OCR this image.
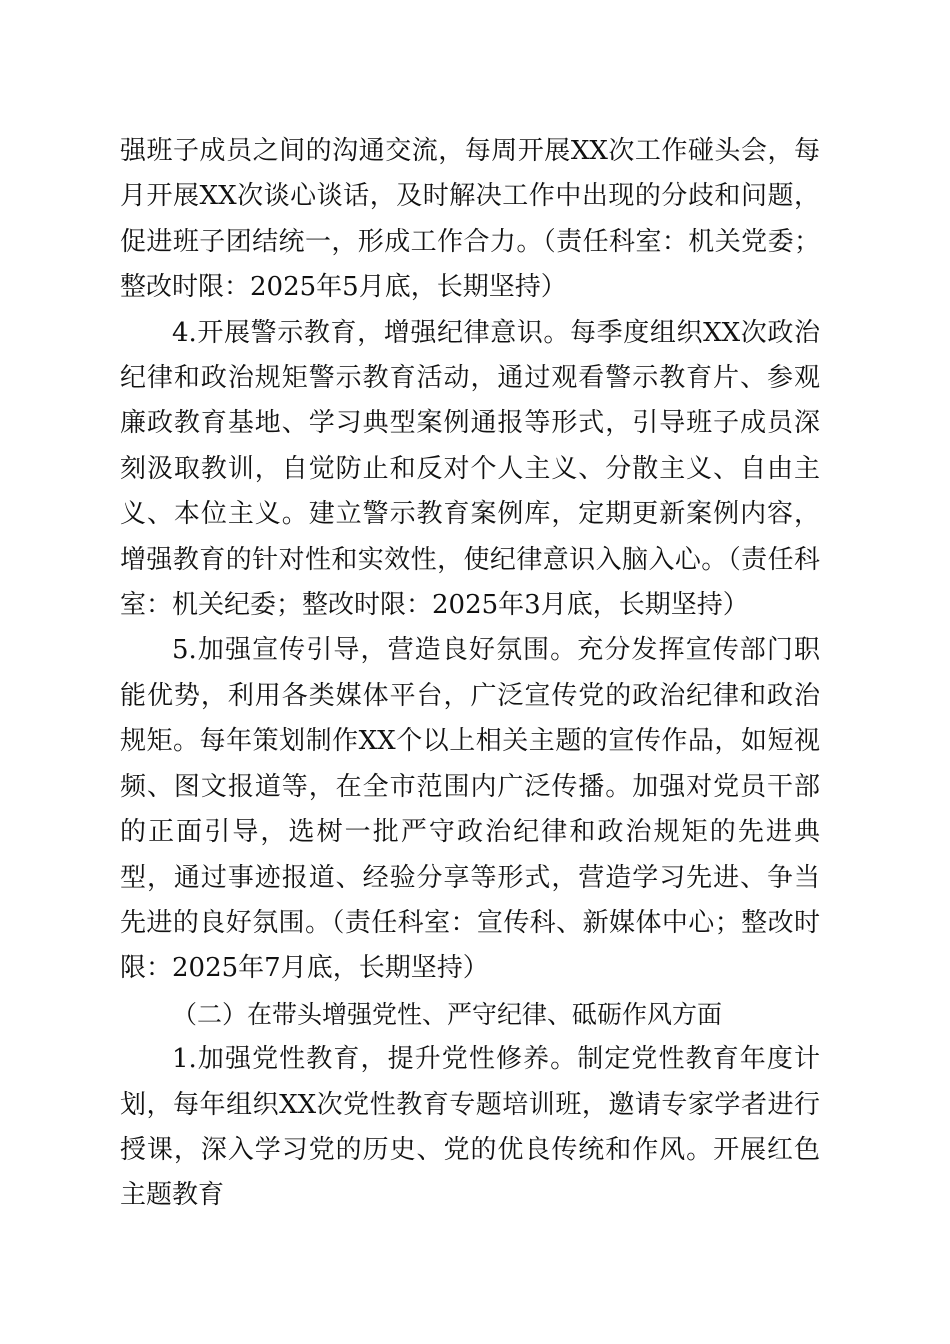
强班子成员之间的沟通交流，每周开展XX次工作碰头会，每月开展XX次谈心谈话，及时解决工作中出现的分歧和问题，促进班子团结统一，形成工作合力。（责任科室：机关党委；整改时限：2025年5月底，长期坚持）

4.开展警示教育，增强纪律意识。每季度组织XX次政治纪律和政治规矩警示教育活动，通过观看警示教育片、参观廉政教育基地、学习典型案例通报等形式，引导班子成员深刻汲取教训，自觉防止和反对个人主义、分散主义、自由主义、本位主义。建立警示教育案例库，定期更新案例内容，增强教育的针对性和实效性，使纪律意识入脑入心。（责任科室：机关纪委；整改时限：2025年3月底，长期坚持）

5.加强宣传引导，营造良好氛围。充分发挥宣传部门职能优势，利用各类媒体平台，广泛宣传党的政治纪律和政治规矩。每年策划制作XX个以上相关主题的宣传作品，如短视频、图文报道等，在全市范围内广泛传播。加强对党员干部的正面引导，选树一批严守政治纪律和政治规矩的先进典型，通过事迹报道、经验分享等形式，营造学习先进、争当先进的良好氛围。（责任科室：宣传科、新媒体中心；整改时限：2025年7月底，长期坚持）

（二）在带头增强党性、严守纪律、砥砺作风方面

1.加强党性教育，提升党性修养。制定党性教育年度计划，每年组织XX次党性教育专题培训班，邀请专家学者进行授课，深入学习党的历史、党的优良传统和作风。开展红色主题教育
